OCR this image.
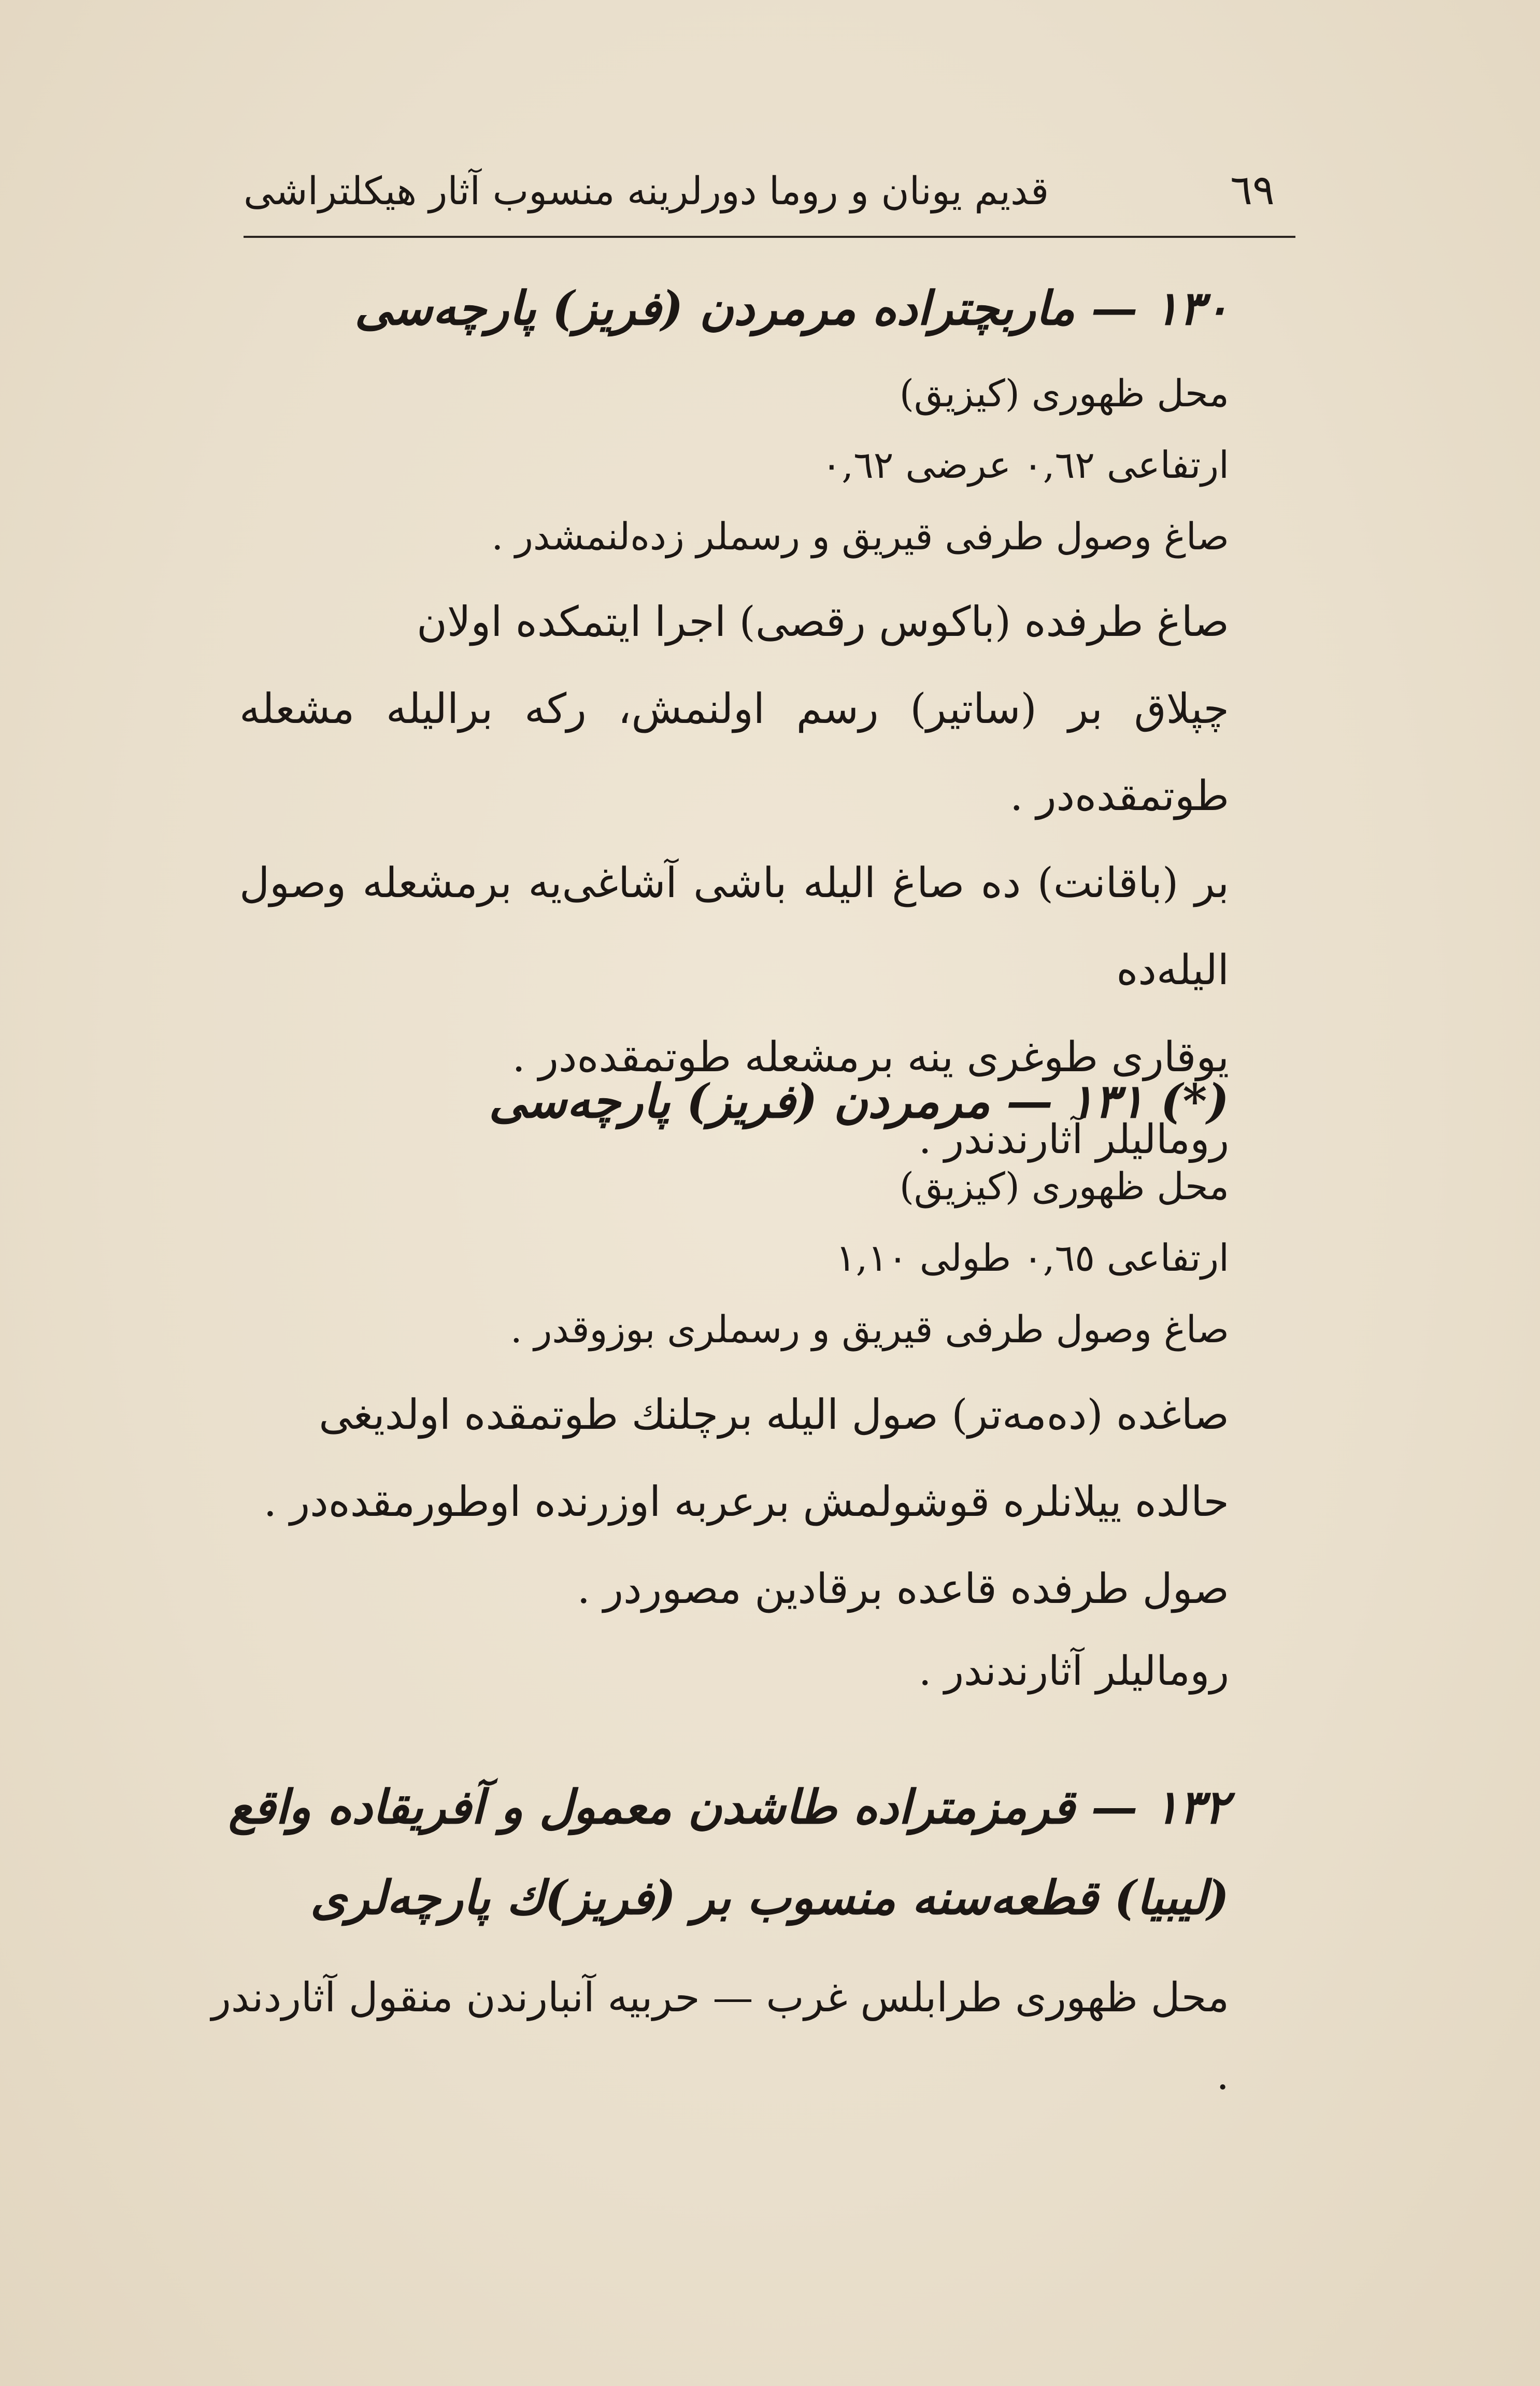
قديم يونان و روما دورلرينه منسوب آثار هيكلتراشى	٦٩
١٣٠ — ماربچتراده مرمردن (فريز) پارچه‌سى
محل ظهورى (كيزيق)
ارتفاعى ٠,٦٢ عرضى ٠,٦٢
صاغ وصول طرفى قيريق و رسملر زده‌لنمشدر .

صاغ طرفده (باكوس رقصى) اجرا ايتمكده اولان

چپلاق بر (ساتير) رسم اولنمش، ركه براليله مشعله طوتمقده‌در .

بر (باقانت) ده صاغ اليله باشى آشاغى‌يه برمشعله وصول اليله‌ده

يوقارى طوغرى ينه برمشعله طوتمقده‌در .

روماليلر آثارندندر .
(*) ١٣١ — مرمردن (فريز) پارچه‌سى
محل ظهورى (كيزيق)
ارتفاعى ٠,٦٥ طولى ١,١٠
صاغ وصول طرفى قيريق و رسملرى بوزوقدر .

صاغده (ده‌مه‌تر) صول اليله برچلنك طوتمقده اولديغى

حالده ييلانلره قوشولمش برعربه اوزرنده اوطورمقده‌در .

صول طرفده قاعده برقادين مصوردر .

روماليلر آثارندندر .
١٣٢ — قرمزمتراده طاشدن معمول و آفريقاده واقع
(ليبيا) قطعه‌سنه منسوب بر (فريز)ك پارچه‌لرى
محل ظهورى طرابلس غرب — حربيه آنبارندن منقول آثاردندر .
